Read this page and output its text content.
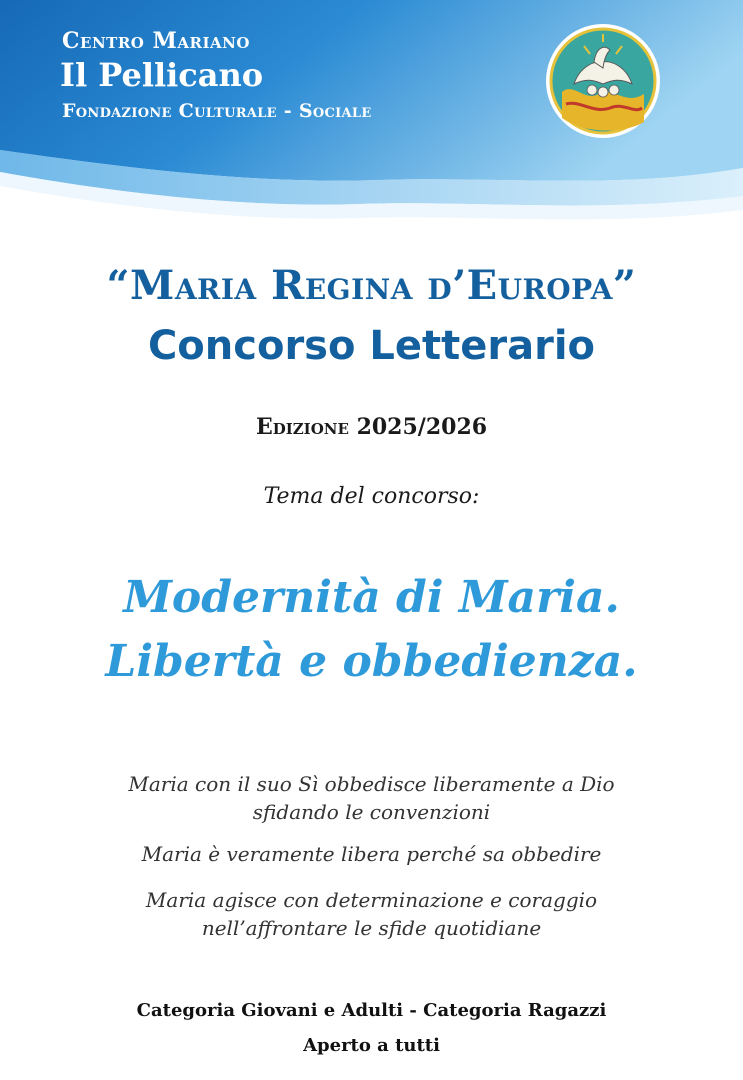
Centro Mariano
Il Pellicano
Fondazione Culturale - Sociale
“Maria Regina d’Europa”
Concorso Letterario
Edizione 2025/2026
Tema del concorso:
Modernità di Maria.
Libertà e obbedienza.
Maria con il suo Sì obbedisce liberamente a Dio
sfidando le convenzioni
Maria è veramente libera perché sa obbedire
Maria agisce con determinazione e coraggio
nell’affrontare le sfide quotidiane
Categoria Giovani e Adulti - Categoria Ragazzi
Aperto a tutti
